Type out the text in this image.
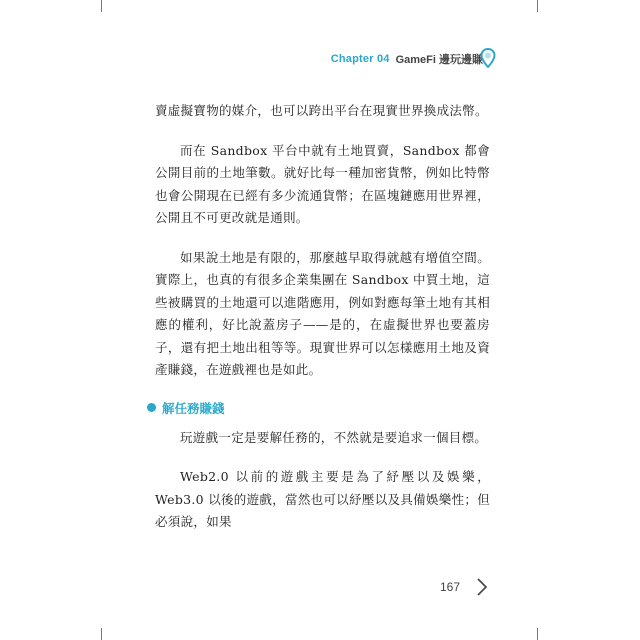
Chapter 04 GameFi 邊玩邊賺

賣虛擬寶物的媒介，也可以跨出平台在現實世界換成法幣。

而在 Sandbox 平台中就有土地買賣，Sandbox 都會公開目前的土地筆數。就好比每一種加密貨幣，例如比特幣也會公開現在已經有多少流通貨幣；在區塊鏈應用世界裡，公開且不可更改就是通則。

如果說土地是有限的，那麼越早取得就越有增值空間。實際上，也真的有很多企業集團在 Sandbox 中買土地，這些被購買的土地還可以進階應用，例如對應每筆土地有其相應的權利，好比說蓋房子——是的，在虛擬世界也要蓋房子，還有把土地出租等等。現實世界可以怎樣應用土地及資產賺錢，在遊戲裡也是如此。

解任務賺錢

玩遊戲一定是要解任務的，不然就是要追求一個目標。

Web2.0 以前的遊戲主要是為了紓壓以及娛樂，Web3.0 以後的遊戲，當然也可以紓壓以及具備娛樂性；但必須說，如果

167
